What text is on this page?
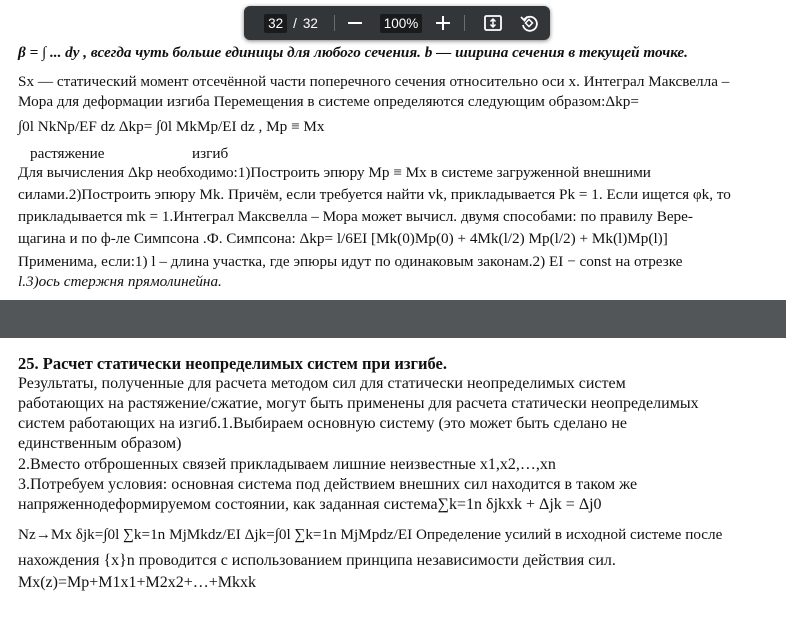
β = ∫ ... dy , всегда чуть больше единицы для любого сечения. b — ширина сечения в текущей точке.
Sx — статический момент отсечённой части поперечного сечения относительно оси x. Интеграл Максвелла –
Мора для деформации изгиба Перемещения в системе определяются следующим образом:Δkp=
∫0l NkNp/EF dz Δkp= ∫0l MkMp/EI dz , Mp ≡ Mx
растяжение	изгиб
Для вычисления Δkp необходимо:1)Построить эпюру Mp ≡ Mx в системе загруженной внешними
силами.2)Построить эпюру Mk. Причём, если требуется найти vk, прикладывается Pk = 1. Если ищется φk, то
прикладывается mk = 1.Интеграл Максвелла – Мора может вычисл. двумя способами: по правилу Вере-
щагина и по ф-ле Симпсона .Ф. Симпсона: Δkp= l/6EI [Mk(0)Mp(0) + 4Mk(l/2) Mp(l/2) + Mk(l)Mp(l)]
Применима, если:1) l – длина участка, где эпюры идут по одинаковым законам.2) EI − const на отрезке
l.3)ось стержня прямолинейна.
25. Расчет статически неопределимых систем при изгибе.
Результаты, полученные для расчета методом сил для статически неопределимых систем
работающих на растяжение/сжатие, могут быть применены для расчета статически неопределимых
систем работающих на изгиб.1.Выбираем основную систему (это может быть сделано не
единственным образом)
2.Вместо отброшенных связей прикладываем лишние неизвестные x1,x2,…,xn
3.Потребуем условия: основная система под действием внешних сил находится в таком же
напряженнодеформируемом состоянии, как заданная система∑k=1n δjkxk + Δjk = Δj0
Nz→Mx δjk=∫0l ∑k=1n MjMkdz/EI Δjk=∫0l ∑k=1n MjMpdz/EI Определение усилий в исходной системе после
нахождения {x}n проводится с использованием принципа независимости действия сил.
Mx(z)=Mp+M1x1+M2x2+…+Mkxk
32 / 32	100%
